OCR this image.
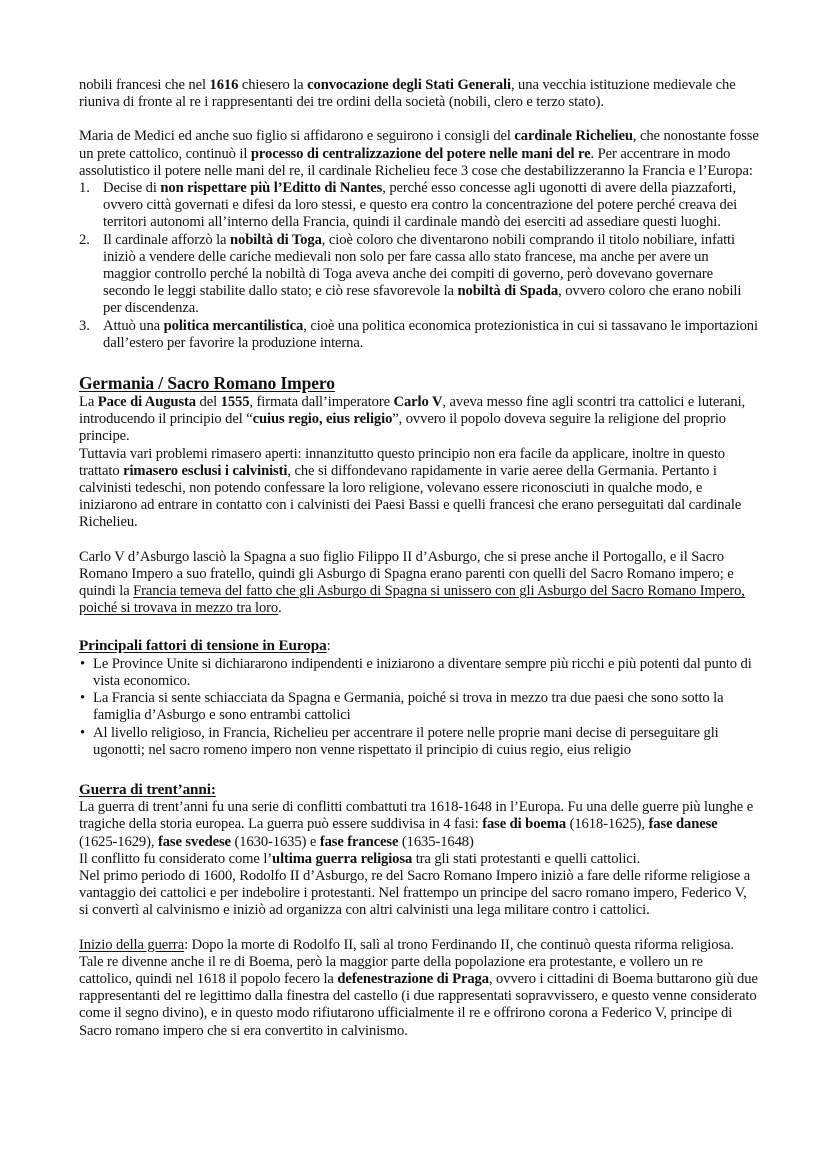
nobili francesi che nel 1616 chiesero la convocazione degli Stati Generali, una vecchia istituzione medievale che riuniva di fronte al re i rappresentanti dei tre ordini della società (nobili, clero e terzo stato).

Maria de Medici ed anche suo figlio si affidarono e seguirono i consigli del cardinale Richelieu, che nonostante fosse un prete cattolico, continuò il processo di centralizzazione del potere nelle mani del re. Per accentrare in modo assolutistico il potere nelle mani del re, il cardinale Richelieu fece 3 cose che destabilizzeranno la Francia e l’Europa:

1. Decise di non rispettare più l’Editto di Nantes, perché esso concesse agli ugonotti di avere della piazzaforti, ovvero città governati e difesi da loro stessi, e questo era contro la concentrazione del potere perché creava dei territori autonomi all’interno della Francia, quindi il cardinale mandò dei eserciti ad assediare questi luoghi.
2. Il cardinale afforzò la nobiltà di Toga, cioè coloro che diventarono nobili comprando il titolo nobiliare, infatti iniziò a vendere delle cariche medievali non solo per fare cassa allo stato francese, ma anche per avere un maggior controllo perché la nobiltà di Toga aveva anche dei compiti di governo, però dovevano governare secondo le leggi stabilite dallo stato; e ciò rese sfavorevole la nobiltà di Spada, ovvero coloro che erano nobili per discendenza.
3. Attuò una politica mercantilistica, cioè una politica economica protezionistica in cui si tassavano le importazioni dall’estero per favorire la produzione interna.
Germania / Sacro Romano Impero

La Pace di Augusta del 1555, firmata dall’imperatore Carlo V, aveva messo fine agli scontri tra cattolici e luterani, introducendo il principio del “cuius regio, eius religio”, ovvero il popolo doveva seguire la religione del proprio principe.

Tuttavia vari problemi rimasero aperti: innanzitutto questo principio non era facile da applicare, inoltre in questo trattato rimasero esclusi i calvinisti, che si diffondevano rapidamente in varie aeree della Germania. Pertanto i calvinisti tedeschi, non potendo confessare la loro religione, volevano essere riconosciuti in qualche modo, e iniziarono ad entrare in contatto con i calvinisti dei Paesi Bassi e quelli francesi che erano perseguitati dal cardinale Richelieu.

Carlo V d’Asburgo lasciò la Spagna a suo figlio Filippo II d’Asburgo, che si prese anche il Portogallo, e il Sacro Romano Impero a suo fratello, quindi gli Asburgo di Spagna erano parenti con quelli del Sacro Romano impero; e quindi la Francia temeva del fatto che gli Asburgo di Spagna si unissero con gli Asburgo del Sacro Romano Impero, poiché si trovava in mezzo tra loro.

Principali fattori di tensione in Europa:

• Le Province Unite si dichiararono indipendenti e iniziarono a diventare sempre più ricchi e più potenti dal punto di vista economico.
• La Francia si sente schiacciata da Spagna e Germania, poiché si trova in mezzo tra due paesi che sono sotto la famiglia d’Asburgo e sono entrambi cattolici
• Al livello religioso, in Francia, Richelieu per accentrare il potere nelle proprie mani decise di perseguitare gli ugonotti; nel sacro romeno impero non venne rispettato il principio di cuius regio, eius religio

Guerra di trent’anni:

La guerra di trent’anni fu una serie di conflitti combattuti tra 1618-1648 in l’Europa. Fu una delle guerre più lunghe e tragiche della storia europea. La guerra può essere suddivisa in 4 fasi: fase di boema (1618-1625), fase danese (1625-1629), fase svedese (1630-1635) e fase francese (1635-1648)

Il conflitto fu considerato come l’ultima guerra religiosa tra gli stati protestanti e quelli cattolici.

Nel primo periodo di 1600, Rodolfo II d’Asburgo, re del Sacro Romano Impero iniziò a fare delle riforme religiose a vantaggio dei cattolici e per indebolire i protestanti. Nel frattempo un principe del sacro romano impero, Federico V, si convertì al calvinismo e iniziò ad organizza con altri calvinisti una lega militare contro i cattolici.

Inizio della guerra: Dopo la morte di Rodolfo II, salì al trono Ferdinando II, che continuò questa riforma religiosa. Tale re divenne anche il re di Boema, però la maggior parte della popolazione era protestante, e vollero un re cattolico, quindi nel 1618 il popolo fecero la defenestrazione di Praga, ovvero i cittadini di Boema buttarono giù due rappresentanti del re legittimo dalla finestra del castello (i due rappresentati sopravvissero, e questo venne considerato come il segno divino), e in questo modo rifiutarono ufficialmente il re e offrirono corona a Federico V, principe di Sacro romano impero che si era convertito in calvinismo.
